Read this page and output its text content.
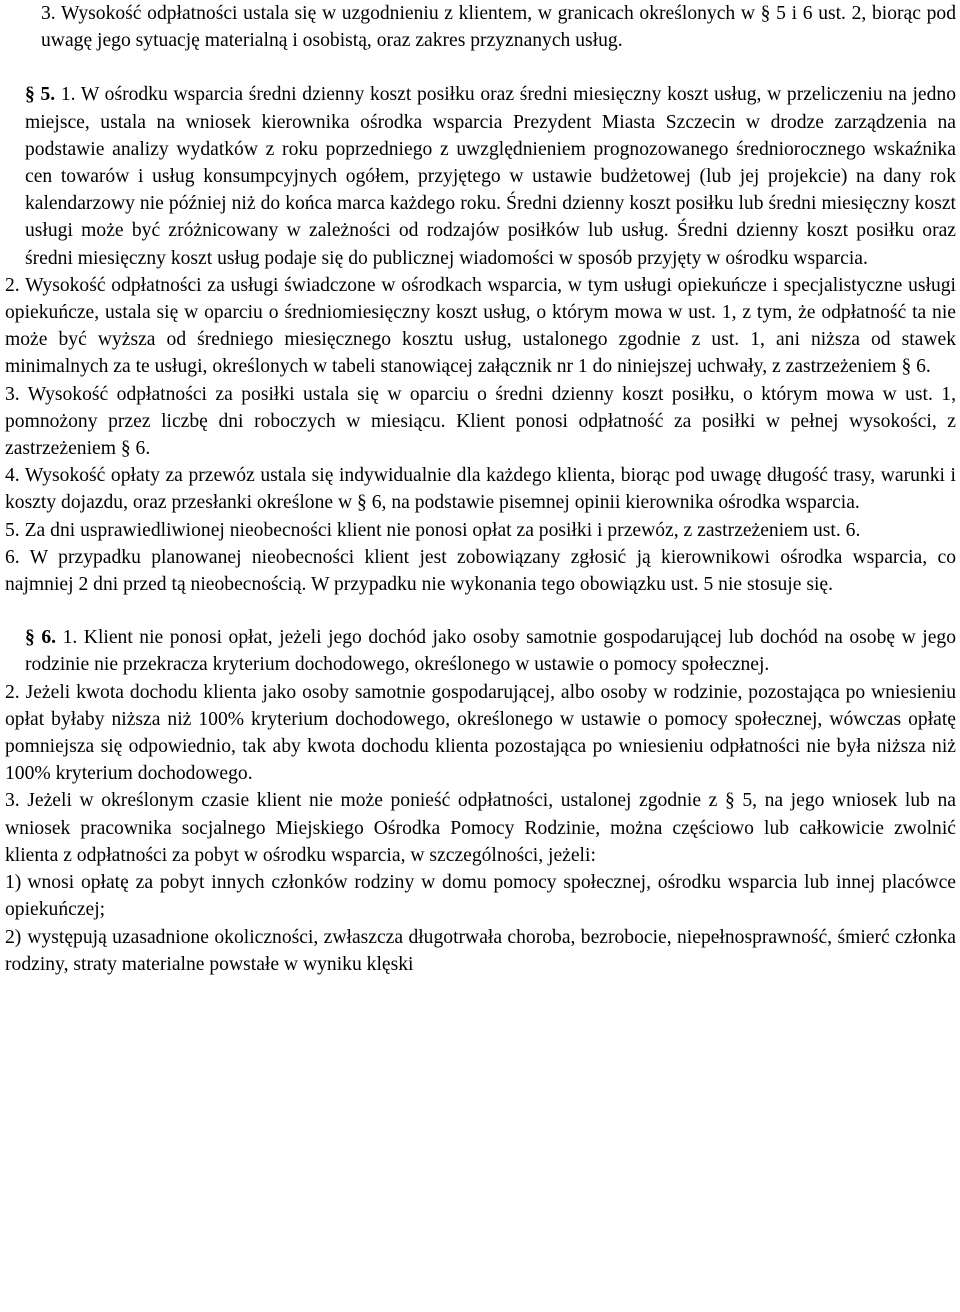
3. Wysokość odpłatności ustala się w uzgodnieniu z klientem, w granicach określonych w § 5 i 6 ust. 2, biorąc pod uwagę jego sytuację materialną i osobistą, oraz zakres przyznanych usług.

§ 5. 1. W ośrodku wsparcia średni dzienny koszt posiłku oraz średni miesięczny koszt usług, w przeliczeniu na jedno miejsce, ustala na wniosek kierownika ośrodka wsparcia Prezydent Miasta Szczecin w drodze zarządzenia na podstawie analizy wydatków z roku poprzedniego z uwzględnieniem prognozowanego średniorocznego wskaźnika cen towarów i usług konsumpcyjnych ogółem, przyjętego w ustawie budżetowej (lub jej projekcie) na dany rok kalendarzowy nie później niż do końca marca każdego roku. Średni dzienny koszt posiłku lub średni miesięczny koszt usługi może być zróżnicowany w zależności od rodzajów posiłków lub usług. Średni dzienny koszt posiłku oraz średni miesięczny koszt usług podaje się do publicznej wiadomości w sposób przyjęty w ośrodku wsparcia.

2. Wysokość odpłatności za usługi świadczone w ośrodkach wsparcia, w tym usługi opiekuńcze i specjalistyczne usługi opiekuńcze, ustala się w oparciu o średniomiesięczny koszt usług, o którym mowa w ust. 1, z tym, że odpłatność ta nie może być wyższa od średniego miesięcznego kosztu usług, ustalonego zgodnie z ust. 1, ani niższa od stawek minimalnych za te usługi, określonych w tabeli stanowiącej załącznik nr 1 do niniejszej uchwały, z zastrzeżeniem § 6.

3. Wysokość odpłatności za posiłki ustala się w oparciu o średni dzienny koszt posiłku, o którym mowa w ust. 1, pomnożony przez liczbę dni roboczych w miesiącu. Klient ponosi odpłatność za posiłki w pełnej wysokości, z zastrzeżeniem § 6.

4. Wysokość opłaty za przewóz ustala się indywidualnie dla każdego klienta, biorąc pod uwagę długość trasy, warunki i koszty dojazdu, oraz przesłanki określone w § 6, na podstawie pisemnej opinii kierownika ośrodka wsparcia.

5. Za dni usprawiedliwionej nieobecności klient nie ponosi opłat za posiłki i przewóz, z zastrzeżeniem ust. 6.

6. W przypadku planowanej nieobecności klient jest zobowiązany zgłosić ją kierownikowi ośrodka wsparcia, co najmniej 2 dni przed tą nieobecnością. W przypadku nie wykonania tego obowiązku ust. 5 nie stosuje się.

§ 6. 1. Klient nie ponosi opłat, jeżeli jego dochód jako osoby samotnie gospodarującej lub dochód na osobę w jego rodzinie nie przekracza kryterium dochodowego, określonego w ustawie o pomocy społecznej.

2. Jeżeli kwota dochodu klienta jako osoby samotnie gospodarującej, albo osoby w rodzinie, pozostająca po wniesieniu opłat byłaby niższa niż 100% kryterium dochodowego, określonego w ustawie o pomocy społecznej, wówczas opłatę pomniejsza się odpowiednio, tak aby kwota dochodu klienta pozostająca po wniesieniu odpłatności nie była niższa niż 100% kryterium dochodowego.

3. Jeżeli w określonym czasie klient nie może ponieść odpłatności, ustalonej zgodnie z § 5, na jego wniosek lub na wniosek pracownika socjalnego Miejskiego Ośrodka Pomocy Rodzinie, można częściowo lub całkowicie zwolnić klienta z odpłatności za pobyt w ośrodku wsparcia, w szczególności, jeżeli:

1) wnosi opłatę za pobyt innych członków rodziny w domu pomocy społecznej, ośrodku wsparcia lub innej placówce opiekuńczej;

2) występują uzasadnione okoliczności, zwłaszcza długotrwała choroba, bezrobocie, niepełnosprawność, śmierć członka rodziny, straty materialne powstałe w wyniku klęski
